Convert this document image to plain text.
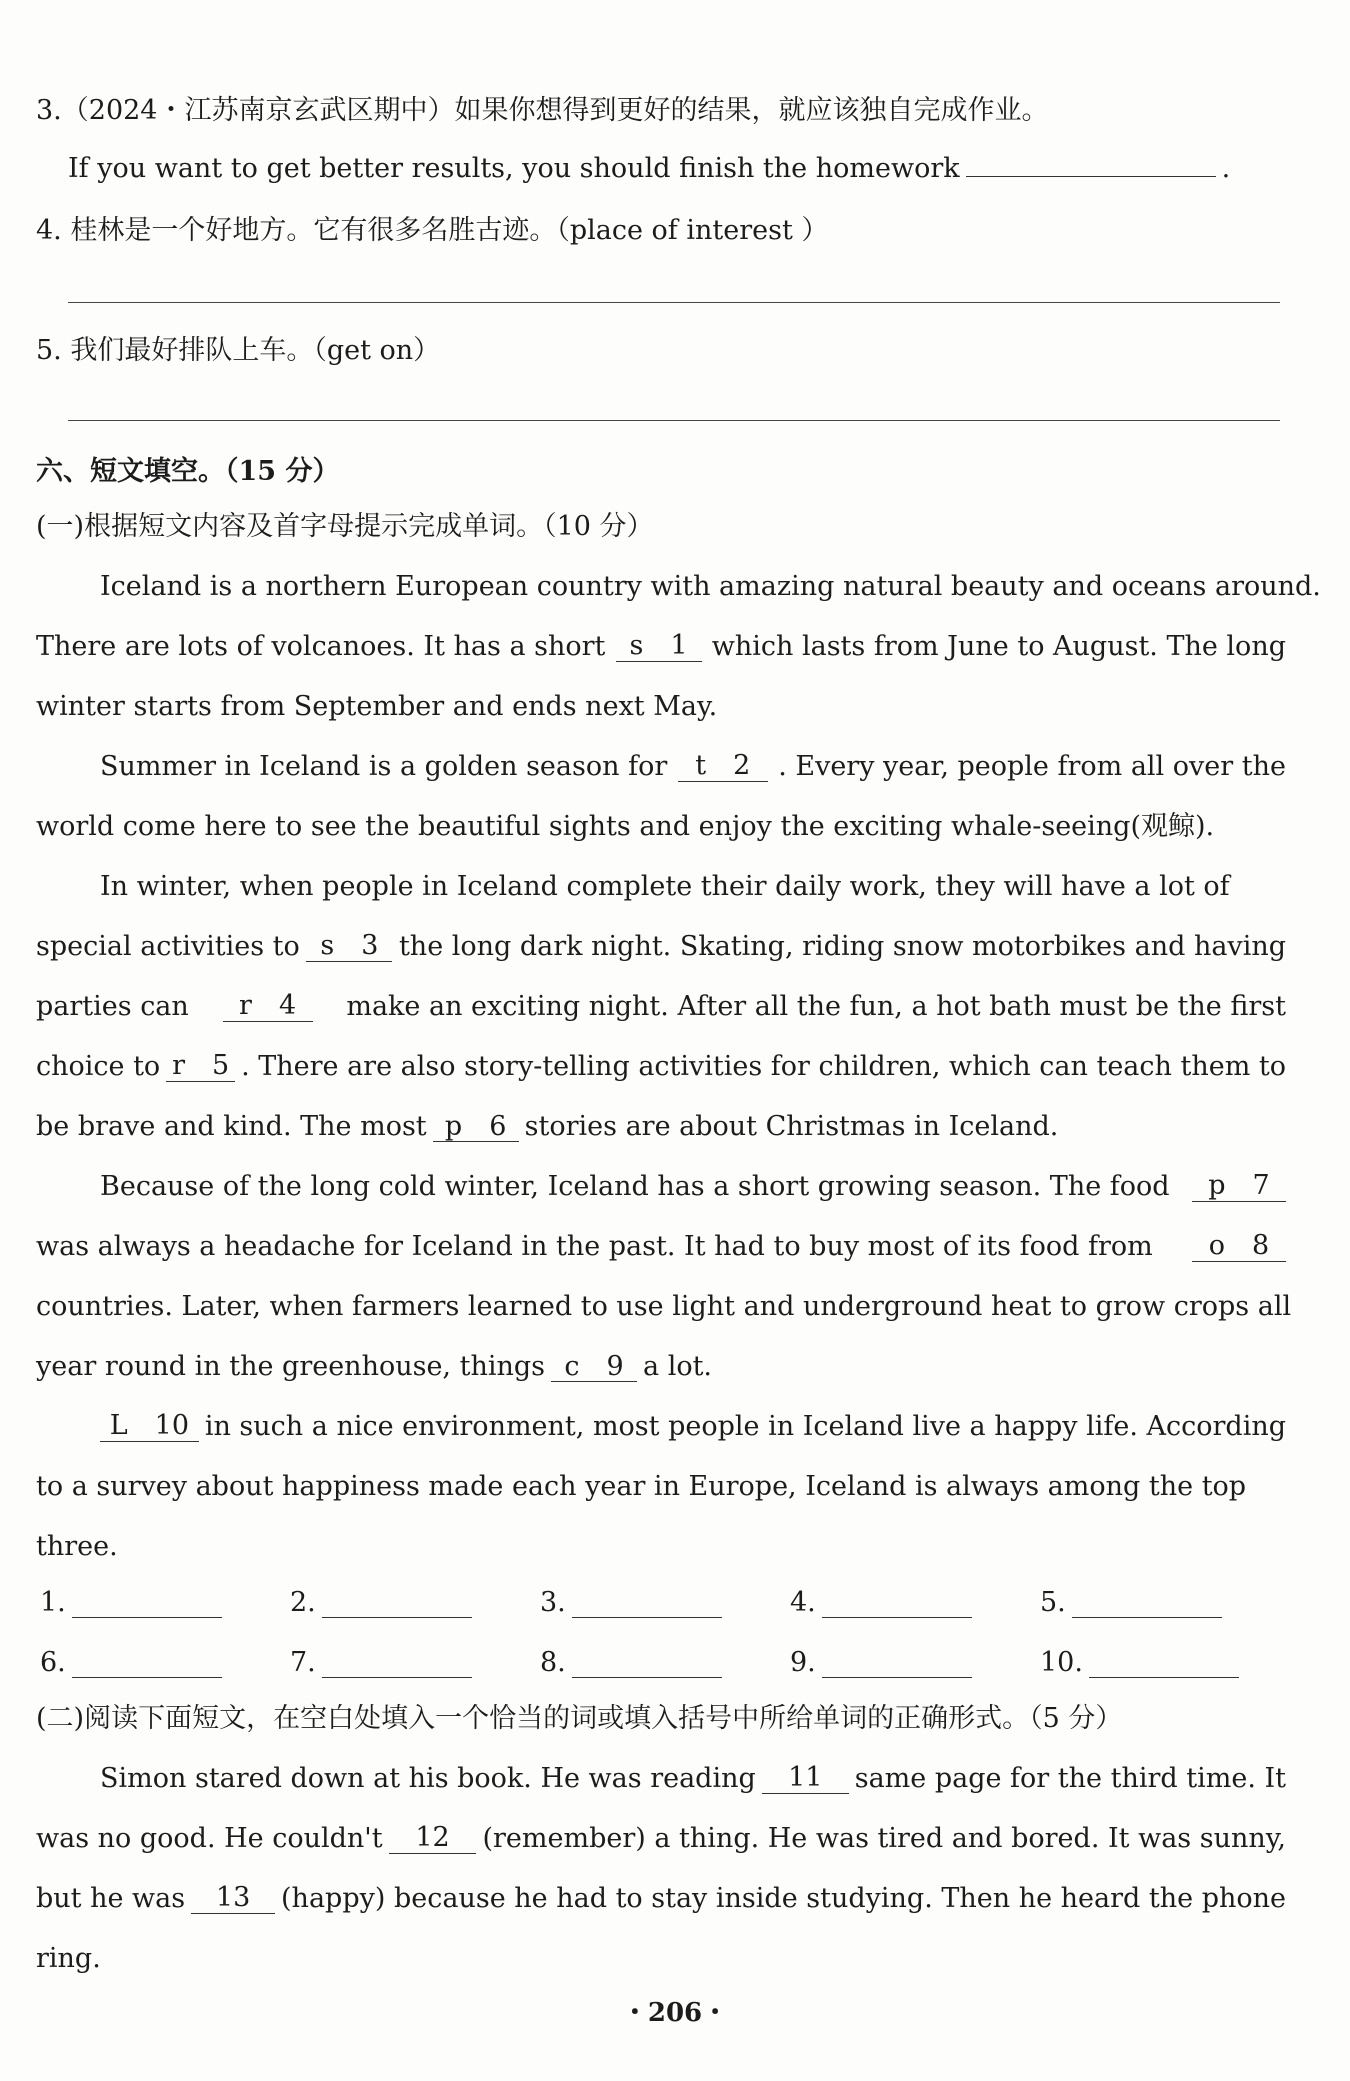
3.（2024・江苏南京玄武区期中）如果你想得到更好的结果，就应该独自完成作业。
If you want to get better results, you should finish the homework	.
4. 桂林是一个好地方。它有很多名胜古迹。（place of interest ）
5. 我们最好排队上车。（get on）
六、短文填空。（15 分）
(一)根据短文内容及首字母提示完成单词。（10 分）
Iceland is a northern European country with amazing natural beauty and oceans around.
There are lots of volcanoes. It has a short s　1 which lasts from June to August. The long
winter starts from September and ends next May.
Summer in Iceland is a golden season for	t　2	. Every year, people from all over the
world come here to see the beautiful sights and enjoy the exciting whale-seeing(观鲸).
In winter, when people in Iceland complete their daily work, they will have a lot of
special activities to s　3 the long dark night. Skating, riding snow motorbikes and having
parties can	r　4	make an exciting night. After all the fun, a hot bath must be the first
choice to r　5 . There are also story-telling activities for children, which can teach them to
be brave and kind. The most p　6 stories are about Christmas in Iceland.
Because of the long cold winter, Iceland has a short growing season. The food	p　7
was always a headache for Iceland in the past. It had to buy most of its food from	o　8
countries. Later, when farmers learned to use light and underground heat to grow crops all
year round in the greenhouse, things c　9 a lot.
L　10 in such a nice environment, most people in Iceland live a happy life. According
to a survey about happiness made each year in Europe, Iceland is always among the top
three.
1.	2.	3.	4.	5.
6.	7.	8.	9.	10.
(二)阅读下面短文，在空白处填入一个恰当的词或填入括号中所给单词的正确形式。（5 分）
Simon stared down at his book. He was reading	11	same page for the third time. It
was no good. He couldn't	12	(remember) a thing. He was tired and bored. It was sunny,
but he was	13	(happy) because he had to stay inside studying. Then he heard the phone
ring.
・206・
